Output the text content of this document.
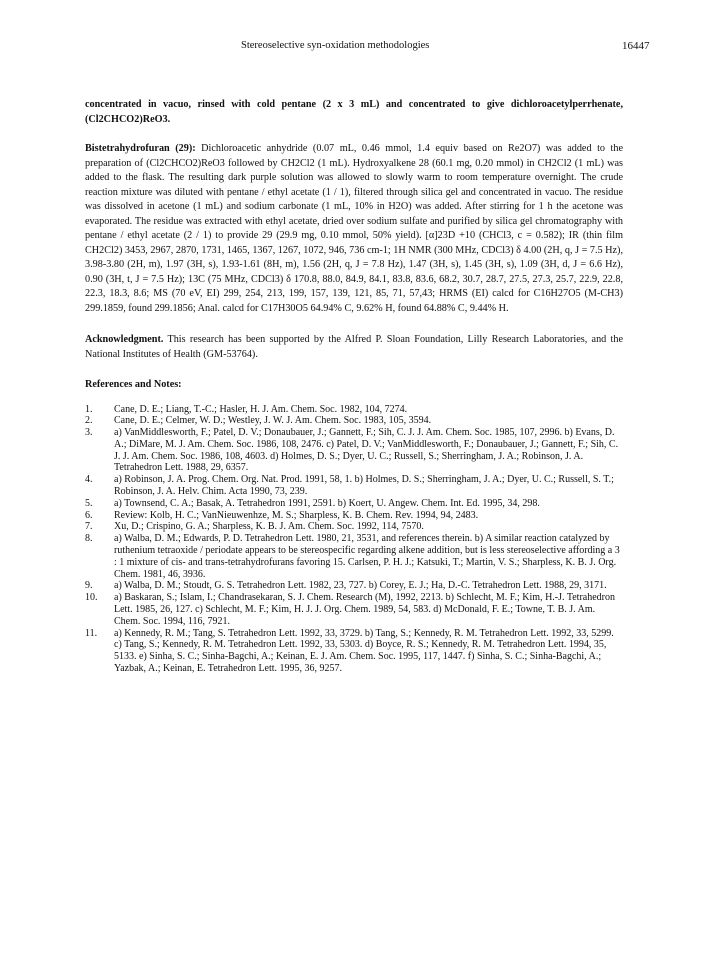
Stereoselective syn-oxidation methodologies	16447

concentrated in vacuo, rinsed with cold pentane (2 x 3 mL) and concentrated to give dichloroacetylperrhenate, (Cl2CHCO2)ReO3.

Bistetrahydrofuran (29): Dichloroacetic anhydride (0.07 mL, 0.46 mmol, 1.4 equiv based on Re2O7) was added to the preparation of (Cl2CHCO2)ReO3 followed by CH2Cl2 (1 mL). Hydroxyalkene 28 (60.1 mg, 0.20 mmol) in CH2Cl2 (1 mL) was added to the flask. The resulting dark purple solution was allowed to slowly warm to room temperature overnight. The crude reaction mixture was diluted with pentane / ethyl acetate (1 / 1), filtered through silica gel and concentrated in vacuo. The residue was dissolved in acetone (1 mL) and sodium carbonate (1 mL, 10% in H2O) was added. After stirring for 1 h the acetone was evaporated. The residue was extracted with ethyl acetate, dried over sodium sulfate and purified by silica gel chromatography with pentane / ethyl acetate (2 / 1) to provide 29 (29.9 mg, 0.10 mmol, 50% yield). [α]23D +10 (CHCl3, c = 0.582); IR (thin film CH2Cl2) 3453, 2967, 2870, 1731, 1465, 1367, 1267, 1072, 946, 736 cm-1; 1H NMR (300 MHz, CDCl3) δ 4.00 (2H, q, J = 7.5 Hz), 3.98-3.80 (2H, m), 1.97 (3H, s), 1.93-1.61 (8H, m), 1.56 (2H, q, J = 7.8 Hz), 1.47 (3H, s), 1.45 (3H, s), 1.09 (3H, d, J = 6.6 Hz), 0.90 (3H, t, J = 7.5 Hz); 13C (75 MHz, CDCl3) δ 170.8, 88.0, 84.9, 84.1, 83.8, 83.6, 68.2, 30.7, 28.7, 27.5, 27.3, 25.7, 22.9, 22.8, 22.3, 18.3, 8.6; MS (70 eV, EI) 299, 254, 213, 199, 157, 139, 121, 85, 71, 57,43; HRMS (EI) calcd for C16H27O5 (M-CH3) 299.1859, found 299.1856; Anal. calcd for C17H30O5 64.94% C, 9.62% H, found 64.88% C, 9.44% H.

Acknowledgment. This research has been supported by the Alfred P. Sloan Foundation, Lilly Research Laboratories, and the National Institutes of Health (GM-53764).

References and Notes:
1.	Cane, D. E.; Liang, T.-C.; Hasler, H. J. Am. Chem. Soc. 1982, 104, 7274.
2.	Cane, D. E.; Celmer, W. D.; Westley, J. W. J. Am. Chem. Soc. 1983, 105, 3594.
3.	a) VanMiddlesworth, F.; Patel, D. V.; Donaubauer, J.; Gannett, F.; Sih, C. J. J. Am. Chem. Soc. 1985, 107, 2996. b) Evans, D. A.; DiMare, M. J. Am. Chem. Soc. 1986, 108, 2476. c) Patel, D. V.; VanMiddlesworth, F.; Donaubauer, J.; Gannett, F.; Sih, C. J. J. Am. Chem. Soc. 1986, 108, 4603. d) Holmes, D. S.; Dyer, U. C.; Russell, S.; Sherringham, J. A.; Robinson, J. A. Tetrahedron Lett. 1988, 29, 6357.
4.	a) Robinson, J. A. Prog. Chem. Org. Nat. Prod. 1991, 58, 1. b) Holmes, D. S.; Sherringham, J. A.; Dyer, U. C.; Russell, S. T.; Robinson, J. A. Helv. Chim. Acta 1990, 73, 239.
5.	a) Townsend, C. A.; Basak, A. Tetrahedron 1991, 2591. b) Koert, U. Angew. Chem. Int. Ed. 1995, 34, 298.
6.	Review: Kolb, H. C.; VanNieuwenhze, M. S.; Sharpless, K. B. Chem. Rev. 1994, 94, 2483.
7.	Xu, D.; Crispino, G. A.; Sharpless, K. B. J. Am. Chem. Soc. 1992, 114, 7570.
8.	a) Walba, D. M.; Edwards, P. D. Tetrahedron Lett. 1980, 21, 3531, and references therein. b) A similar reaction catalyzed by ruthenium tetraoxide / periodate appears to be stereospecific regarding alkene addition, but is less stereoselective affording a 3 : 1 mixture of cis- and trans-tetrahydrofurans favoring 15. Carlsen, P. H. J.; Katsuki, T.; Martin, V. S.; Sharpless, K. B. J. Org. Chem. 1981, 46, 3936.
9.	a) Walba, D. M.; Stoudt, G. S. Tetrahedron Lett. 1982, 23, 727. b) Corey, E. J.; Ha, D.-C. Tetrahedron Lett. 1988, 29, 3171.
10.	a) Baskaran, S.; Islam, I.; Chandrasekaran, S. J. Chem. Research (M), 1992, 2213. b) Schlecht, M. F.; Kim, H.-J. Tetrahedron Lett. 1985, 26, 127. c) Schlecht, M. F.; Kim, H. J. J. Org. Chem. 1989, 54, 583. d) McDonald, F. E.; Towne, T. B. J. Am. Chem. Soc. 1994, 116, 7921.
11.	a) Kennedy, R. M.; Tang, S. Tetrahedron Lett. 1992, 33, 3729. b) Tang, S.; Kennedy, R. M. Tetrahedron Lett. 1992, 33, 5299. c) Tang, S.; Kennedy, R. M. Tetrahedron Lett. 1992, 33, 5303. d) Boyce, R. S.; Kennedy, R. M. Tetrahedron Lett. 1994, 35, 5133. e) Sinha, S. C.; Sinha-Bagchi, A.; Keinan, E. J. Am. Chem. Soc. 1995, 117, 1447. f) Sinha, S. C.; Sinha-Bagchi, A.; Yazbak, A.; Keinan, E. Tetrahedron Lett. 1995, 36, 9257.
